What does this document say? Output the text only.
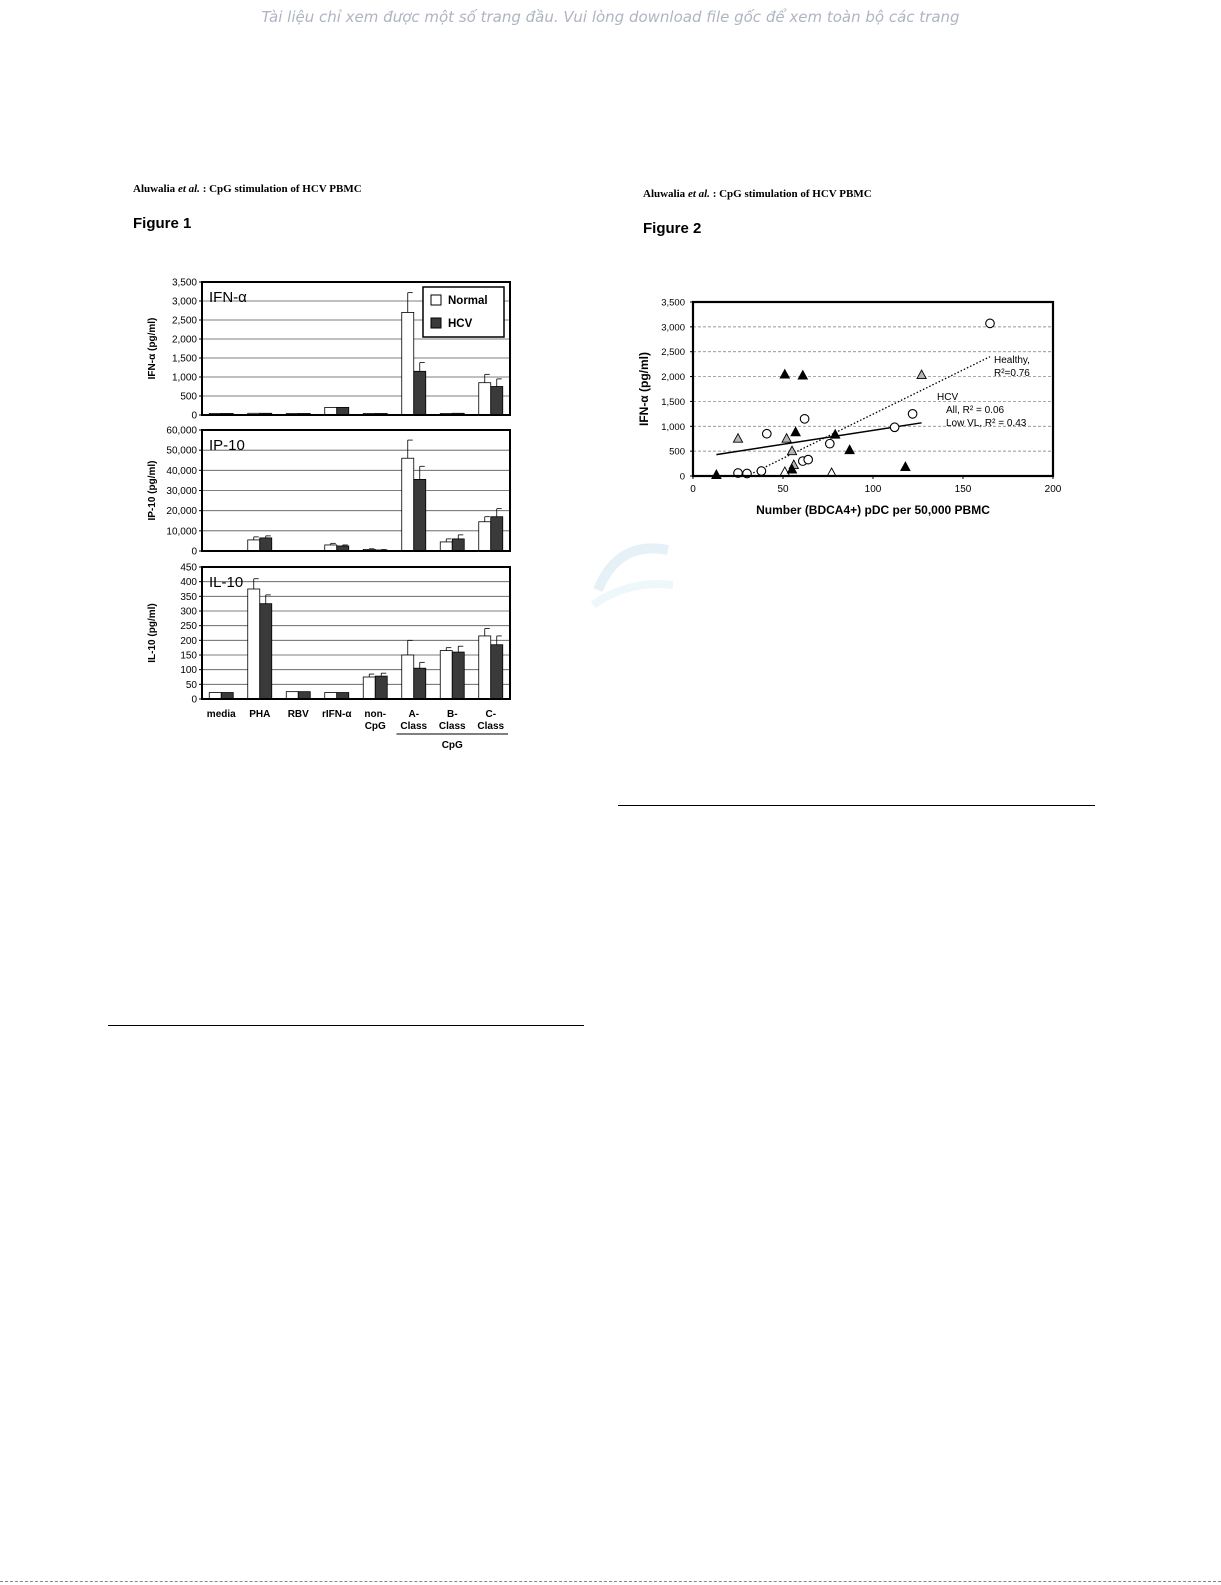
Tài liệu chỉ xem được một số trang đầu. Vui lòng download file gốc để xem toàn bộ các trang
Aluwalia et al. : CpG stimulation of HCV PBMC
Figure 1
0
500
1,000
1,500
2,000
2,500
3,000
3,500
IFN-α (pg/ml)
IFN-α
0
10,000
20,000
30,000
40,000
50,000
60,000
IP-10 (pg/ml)
IP-10
0
50
100
150
200
250
300
350
400
450
IL-10 (pg/ml)
IL-10
Normal
HCV
media PHA RBV rIFN-α non-
CpG
A-
Class
B-
Class
C-
Class
CpG
Aluwalia et al. : CpG stimulation of HCV PBMC
Figure 2
0
500
1,000
1,500
2,000
2,500
3,000
3,500
0	50	100	150	200
Number (BDCA4+) pDC per 50,000 PBMC
IFN-α (pg/ml)	Healthy,
R²=0.76
HCV
All, R² = 0.06
Low VL, R² = 0.43
